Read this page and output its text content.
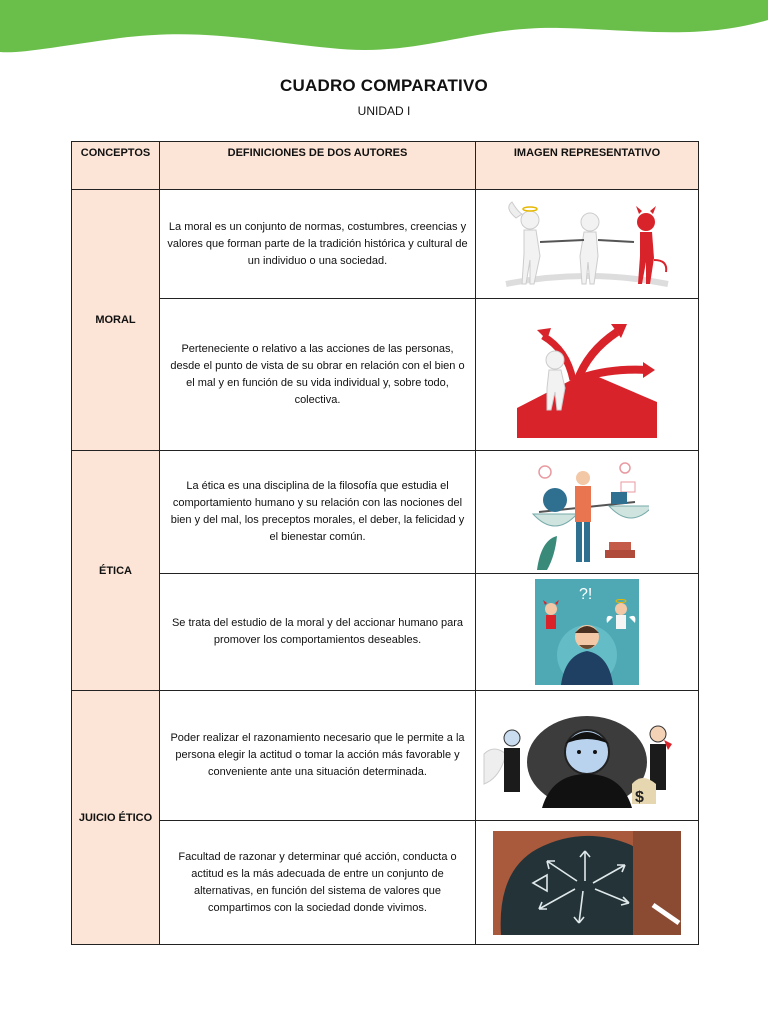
CUADRO COMPARATIVO
UNIDAD I
CONCEPTOS	DEFINICIONES DE DOS AUTORES	IMAGEN REPRESENTATIVO
MORAL	La moral es un conjunto de normas, costumbres, creencias y valores que forman parte de la tradición histórica y cultural de un individuo o una sociedad.	

	Perteneciente o relativo a las acciones de las personas, desde el punto de vista de su obrar en relación con el bien o el mal y en función de su vida individual y, sobre todo, colectiva.	

ÉTICA	La ética es una disciplina de la filosofía que estudia el comportamiento humano y su relación con las nociones del bien y del mal, los preceptos morales, el deber, la felicidad y el bienestar común.	

	Se trata del estudio de la moral y del accionar humano para promover los comportamientos deseables.	?!

JUICIO ÉTICO	Poder realizar el razonamiento necesario que le permite a la persona elegir la actitud o tomar la acción más favorable y conveniente ante una situación determinada.	$

	Facultad de razonar y determinar qué acción, conducta o actitud es la más adecuada de entre un conjunto de alternativas, en función del sistema de valores que compartimos con la sociedad donde vivimos.	
